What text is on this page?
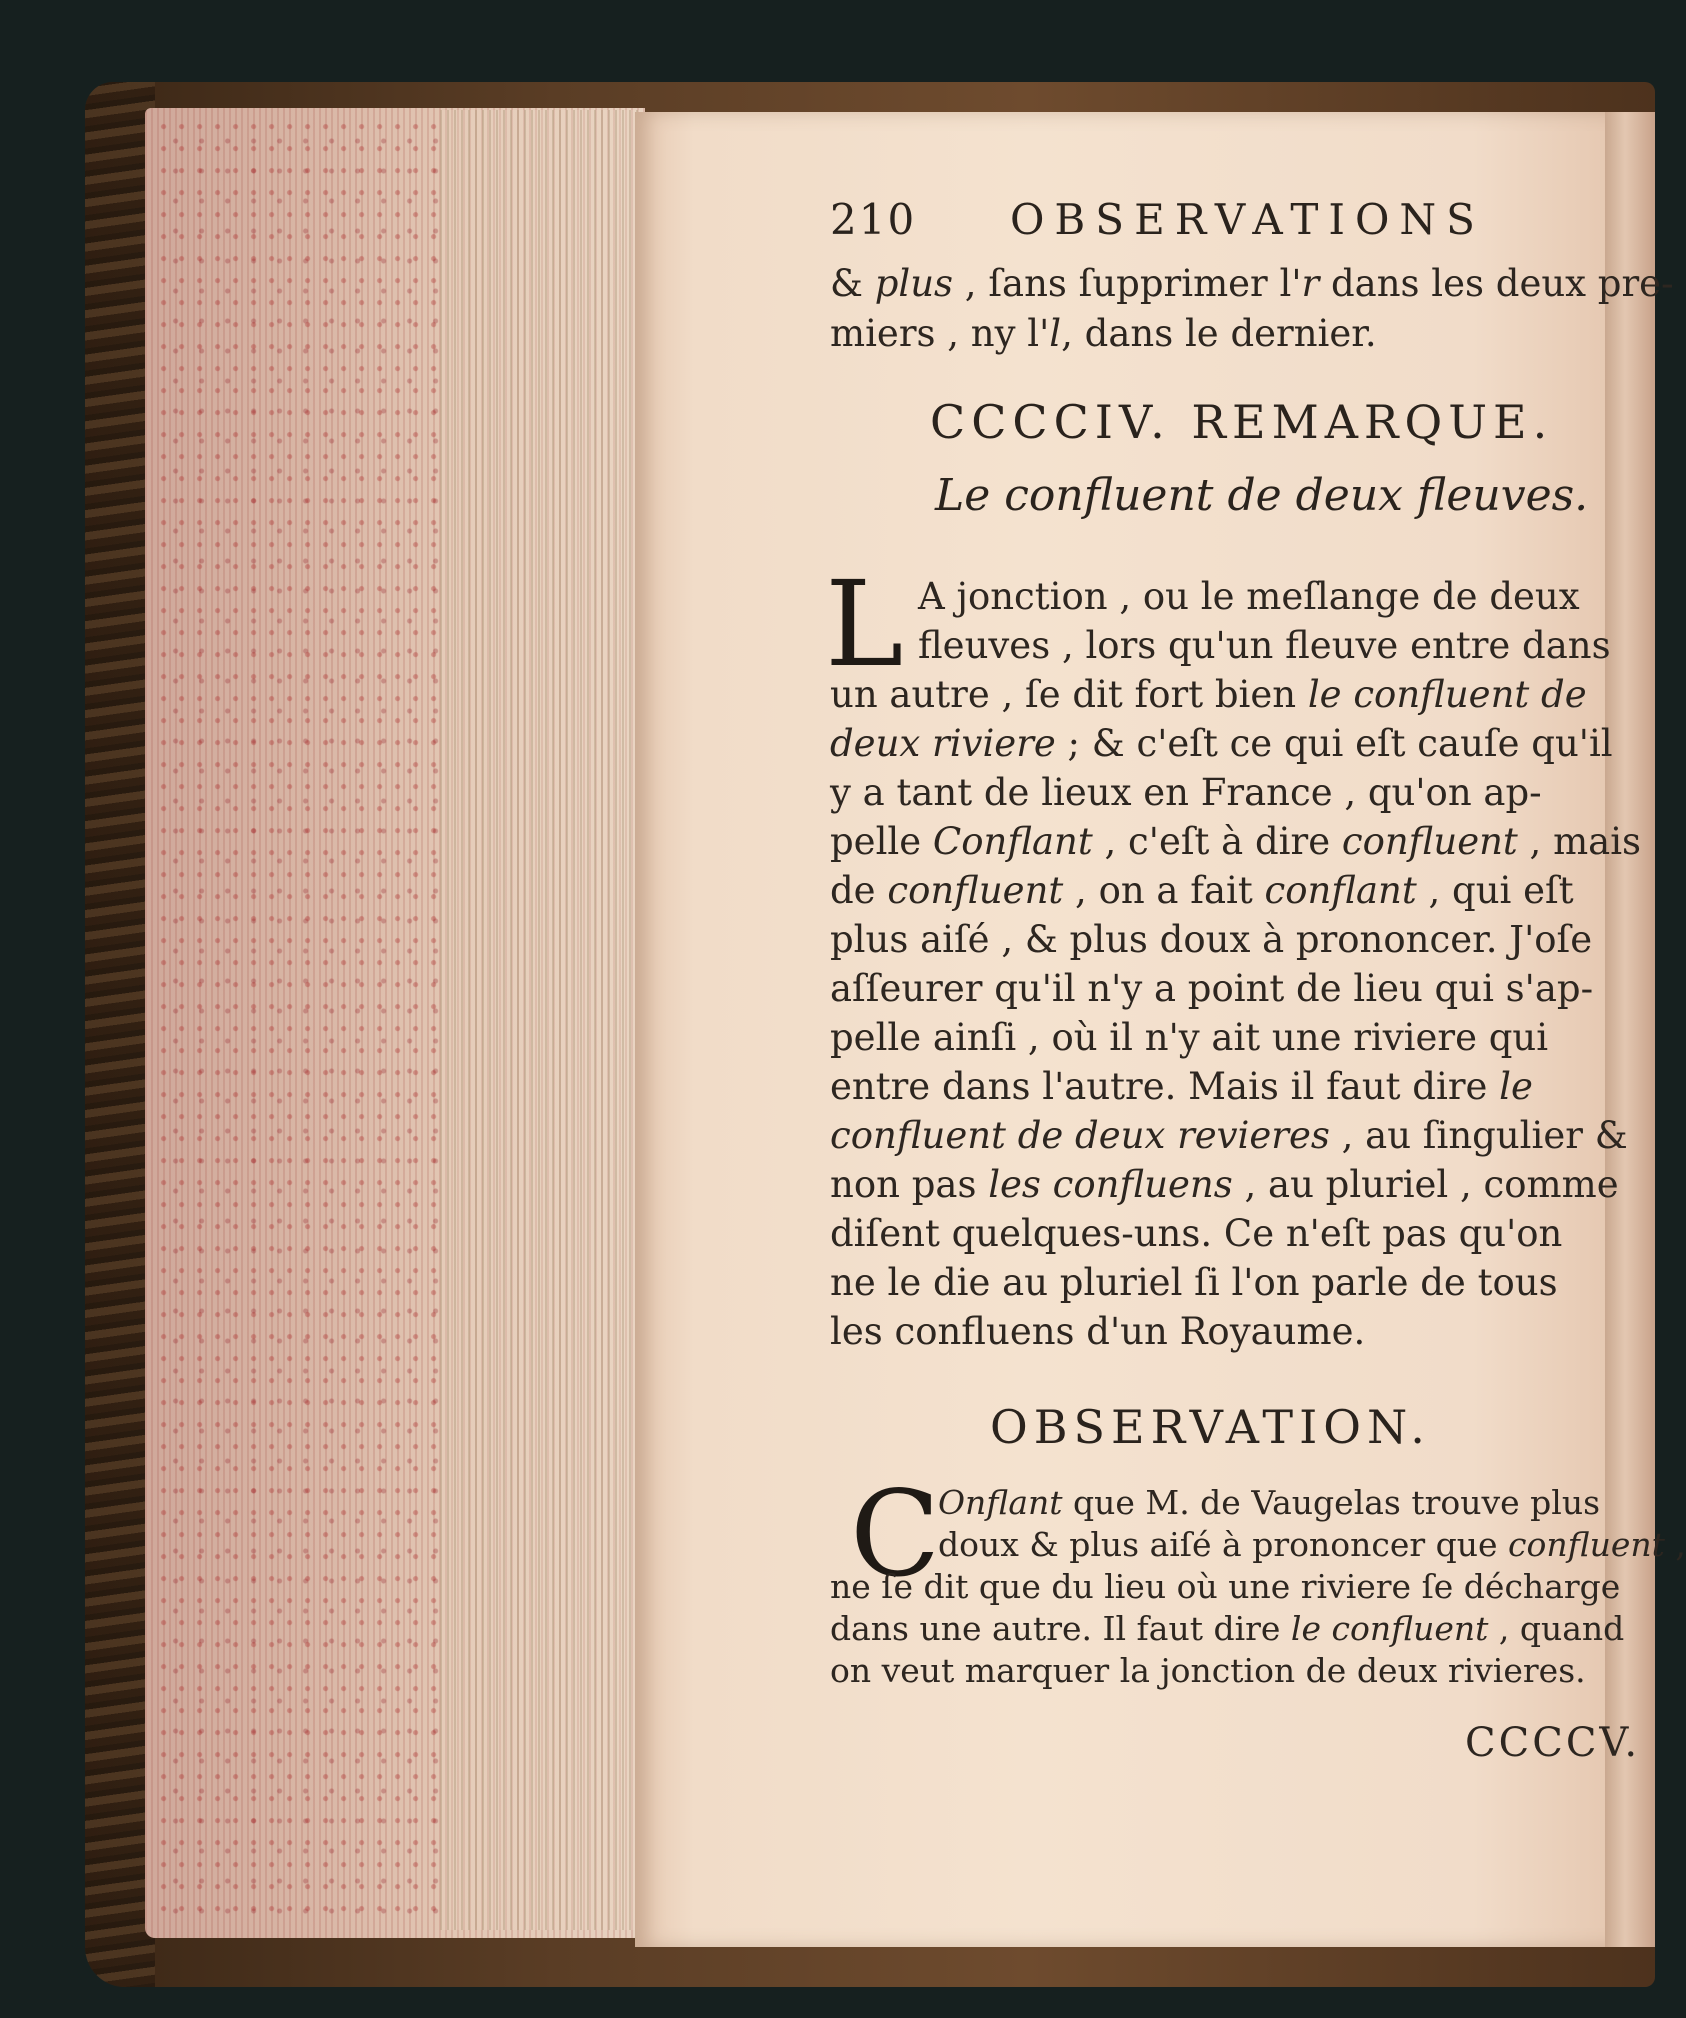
210 OBSERVATIONS
& plus , ſans ſupprimer l'r dans les deux pre-
miers , ny l'l, dans le dernier.
CCCCIV. REMARQUE.
Le confluent de deux fleuves.
L A jonction , ou le meſlange de deux
fleuves , lors qu'un fleuve entre dans
un autre , ſe dit fort bien le confluent de
deux riviere ; & c'eſt ce qui eſt cauſe qu'il
y a tant de lieux en France , qu'on ap-
pelle Conflant , c'eſt à dire confluent , mais
de confluent , on a fait conflant , qui eſt
plus aiſé , & plus doux à prononcer. J'oſe
aſſeurer qu'il n'y a point de lieu qui s'ap-
pelle ainſi , où il n'y ait une riviere qui
entre dans l'autre. Mais il faut dire le
confluent de deux revieres , au ſingulier &
non pas les confluens , au pluriel , comme
diſent quelques-uns. Ce n'eſt pas qu'on
ne le die au pluriel ſi l'on parle de tous
les confluens d'un Royaume.
OBSERVATION.
C
Onflant que M. de Vaugelas trouve plus
doux & plus aiſé à prononcer que confluent ,
ne ſe dit que du lieu où une riviere ſe décharge
dans une autre. Il faut dire le confluent , quand
on veut marquer la jonction de deux rivieres.
CCCCV.
